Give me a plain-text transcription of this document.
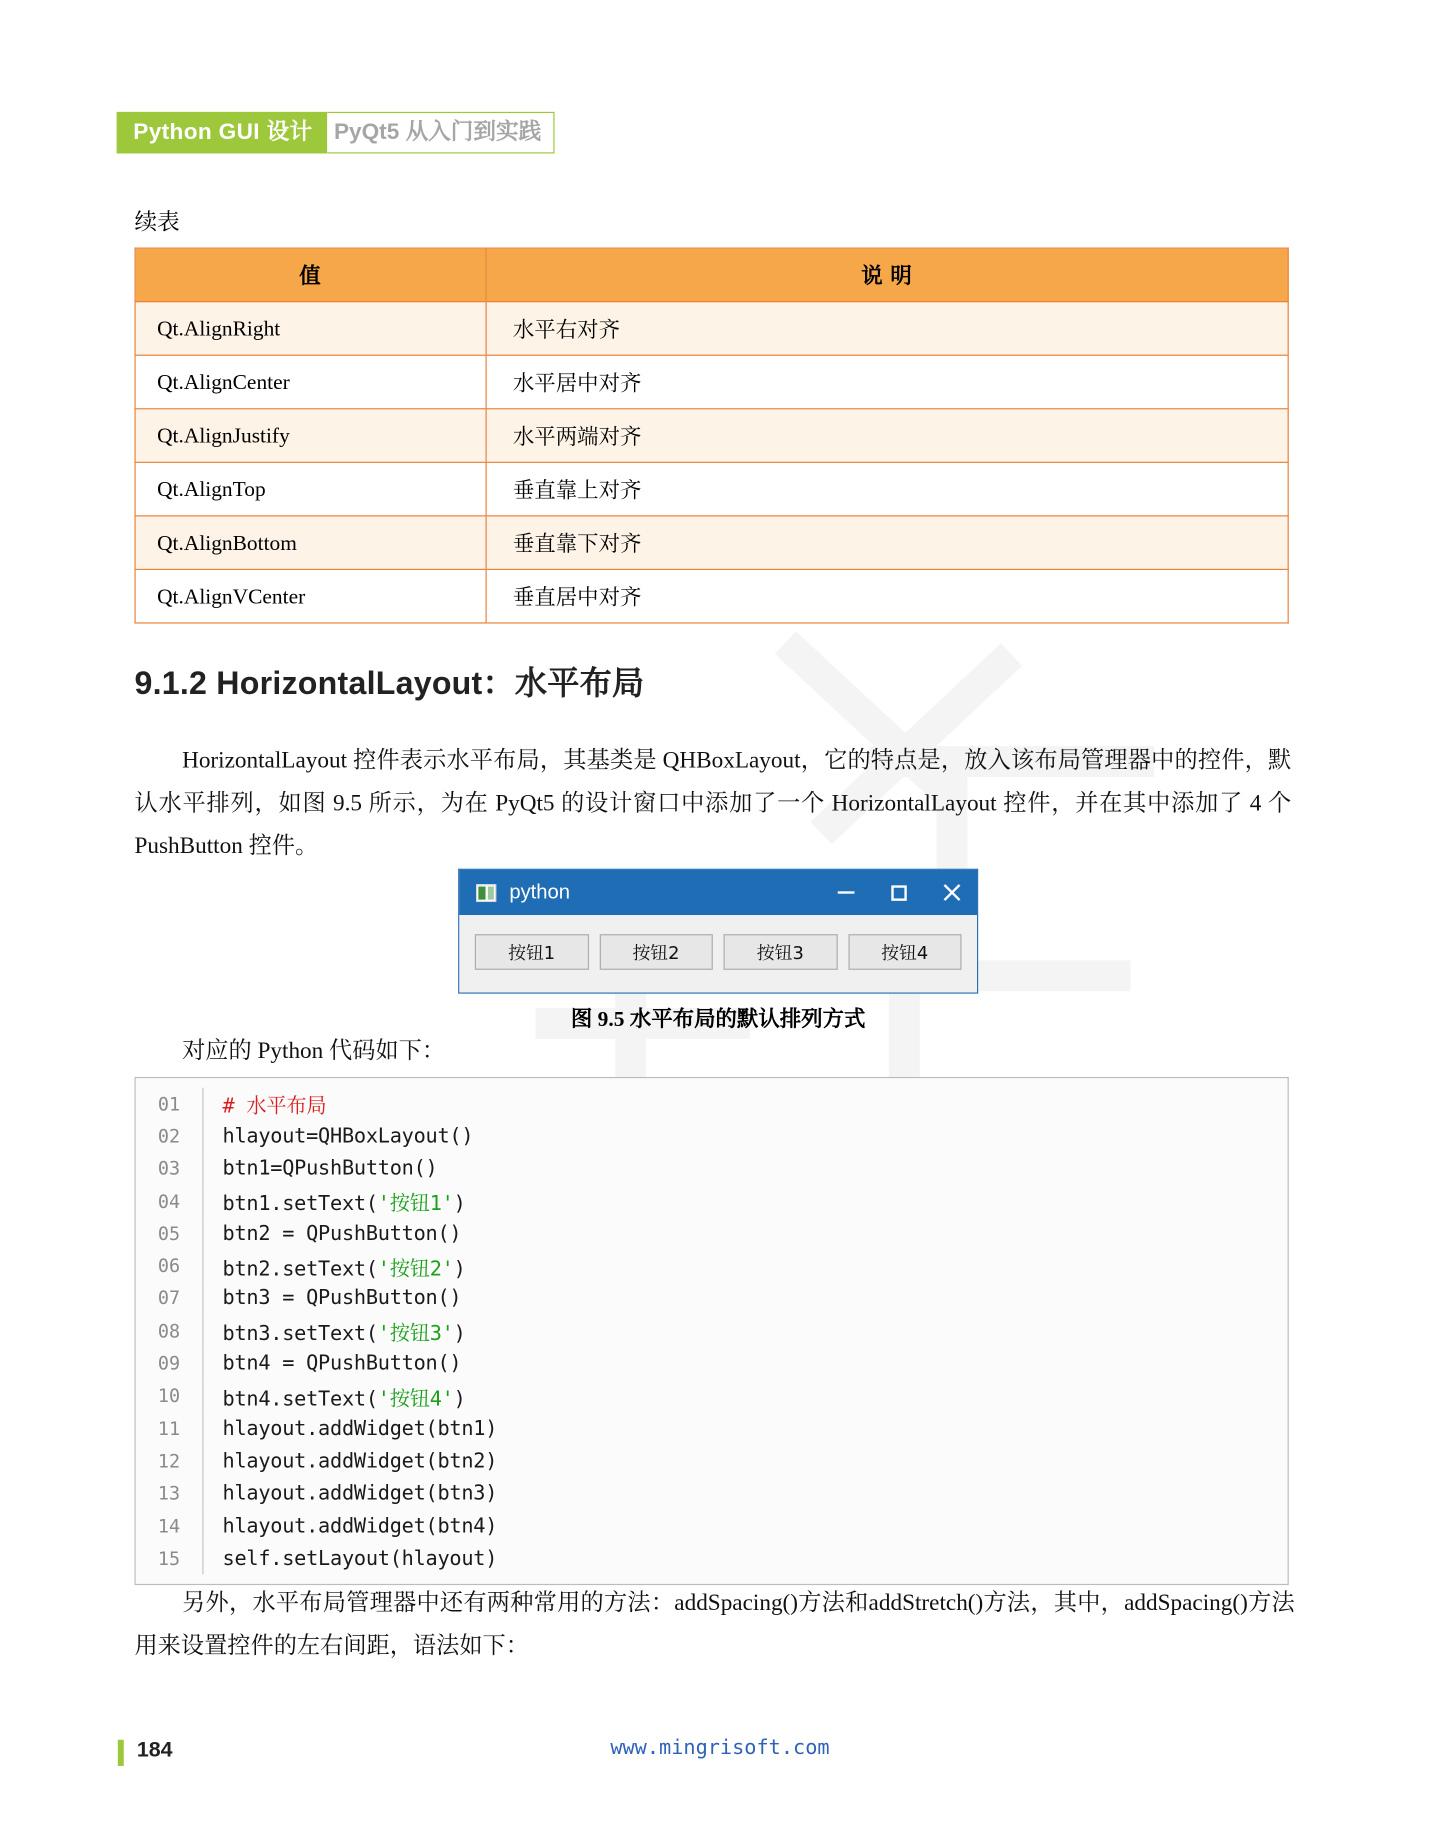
Python GUI 设计	PyQt5 从入门到实践
续表
值	说 明
Qt.AlignRight	水平右对齐
Qt.AlignCenter	水平居中对齐
Qt.AlignJustify	水平两端对齐
Qt.AlignTop	垂直靠上对齐
Qt.AlignBottom	垂直靠下对齐
Qt.AlignVCenter	垂直居中对齐
9.1.2 HorizontalLayout：水平布局
HorizontalLayout 控件表示水平布局，其基类是 QHBoxLayout，它的特点是，放入该布局管理器中的控件，默认水平排列，如图 9.5 所示，为在 PyQt5 的设计窗口中添加了一个 HorizontalLayout 控件，并在其中添加了 4 个 PushButton 控件。
python
按钮1	按钮2	按钮3	按钮4
图 9.5 水平布局的默认排列方式
对应的 Python 代码如下：
01	# 水平布局
02	hlayout=QHBoxLayout()
03	btn1=QPushButton()
04	btn1.setText('按钮1')
05	btn2 = QPushButton()
06	btn2.setText('按钮2')
07	btn3 = QPushButton()
08	btn3.setText('按钮3')
09	btn4 = QPushButton()
10	btn4.setText('按钮4')
11	hlayout.addWidget(btn1)
12	hlayout.addWidget(btn2)
13	hlayout.addWidget(btn3)
14	hlayout.addWidget(btn4)
15	self.setLayout(hlayout)
另外，水平布局管理器中还有两种常用的方法：addSpacing()方法和addStretch()方法，其中，addSpacing()方法用来设置控件的左右间距，语法如下：
184	www.mingrisoft.com
